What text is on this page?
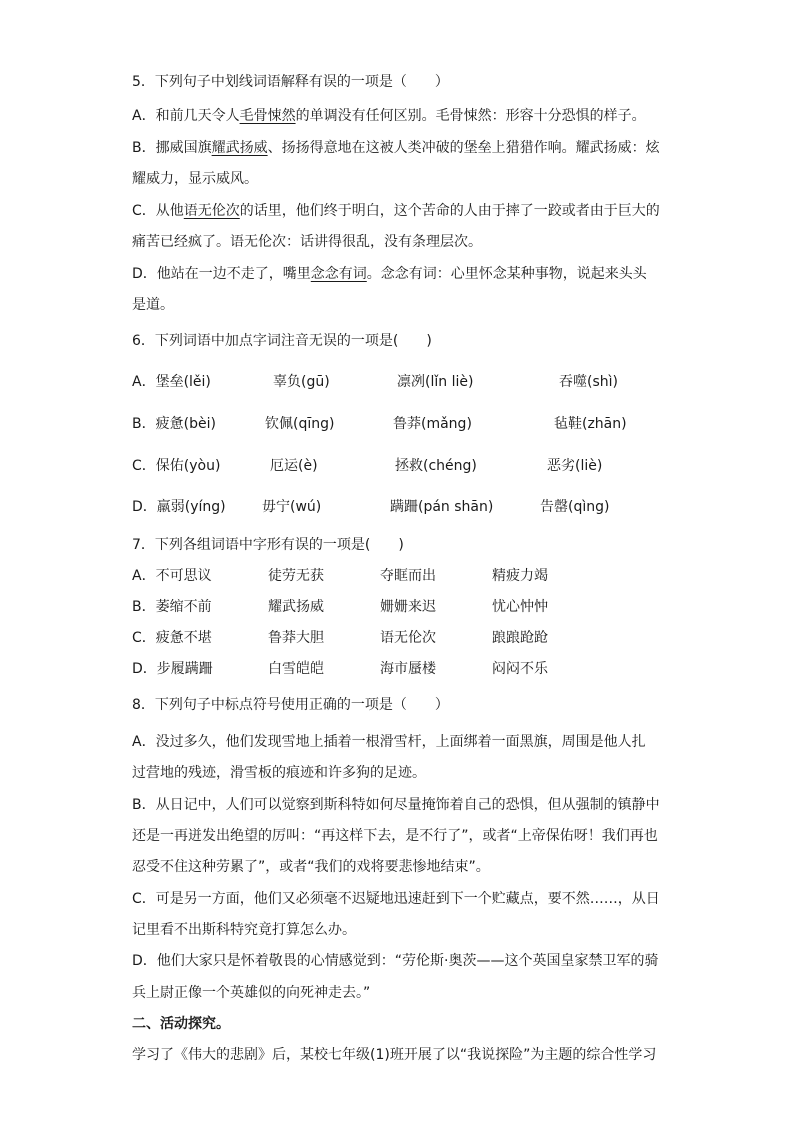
5．下列句子中划线词语解释有误的一项是（　　）

A．和前几天令人毛骨悚然的单调没有任何区别。毛骨悚然：形容十分恐惧的样子。

B．挪威国旗耀武扬威、扬扬得意地在这被人类冲破的堡垒上猎猎作响。耀武扬威：炫

耀威力，显示威风。

C．从他语无伦次的话里，他们终于明白，这个苦命的人由于摔了一跤或者由于巨大的

痛苦已经疯了。语无伦次：话讲得很乱，没有条理层次。

D．他站在一边不走了，嘴里念念有词。念念有词：心里怀念某种事物，说起来头头

是道。

6．下列词语中加点字词注音无误的一项是(　　)

A．堡垒(lěi)	辜负(gū)	凛冽(lǐn liè)	吞噬(shì)

B．疲惫(bèi)	钦佩(qīng)	鲁莽(mǎng)	毡鞋(zhān)

C．保佑(yòu)	厄运(è)	拯救(chéng)	恶劣(liè)

D．羸弱(yíng)	毋宁(wú)	蹒跚(pán shān)	告罄(qìng)

7．下列各组词语中字形有误的一项是(　　)

A．不可思议	徒劳无获	夺眶而出	精疲力竭

B．萎缩不前	耀武扬威	姗姗来迟	忧心忡忡

C．疲惫不堪	鲁莽大胆	语无伦次	踉踉跄跄

D．步履蹒跚	白雪皑皑	海市蜃楼	闷闷不乐

8．下列句子中标点符号使用正确的一项是（　　）

A．没过多久，他们发现雪地上插着一根滑雪杆，上面绑着一面黑旗，周围是他人扎

过营地的残迹，滑雪板的痕迹和许多狗的足迹。

B．从日记中，人们可以觉察到斯科特如何尽量掩饰着自己的恐惧，但从强制的镇静中

还是一再迸发出绝望的厉叫：“再这样下去，是不行了”，或者“上帝保佑呀！我们再也

忍受不住这种劳累了”，或者“我们的戏将要悲惨地结束”。

C．可是另一方面，他们又必须毫不迟疑地迅速赶到下一个贮藏点，要不然……，从日

记里看不出斯科特究竟打算怎么办。

D．他们大家只是怀着敬畏的心情感觉到：“劳伦斯·奥茨——这个英国皇家禁卫军的骑

兵上尉正像一个英雄似的向死神走去。”

二、活动探究。

学习了《伟大的悲剧》后，某校七年级(1)班开展了以“我说探险”为主题的综合性学习
